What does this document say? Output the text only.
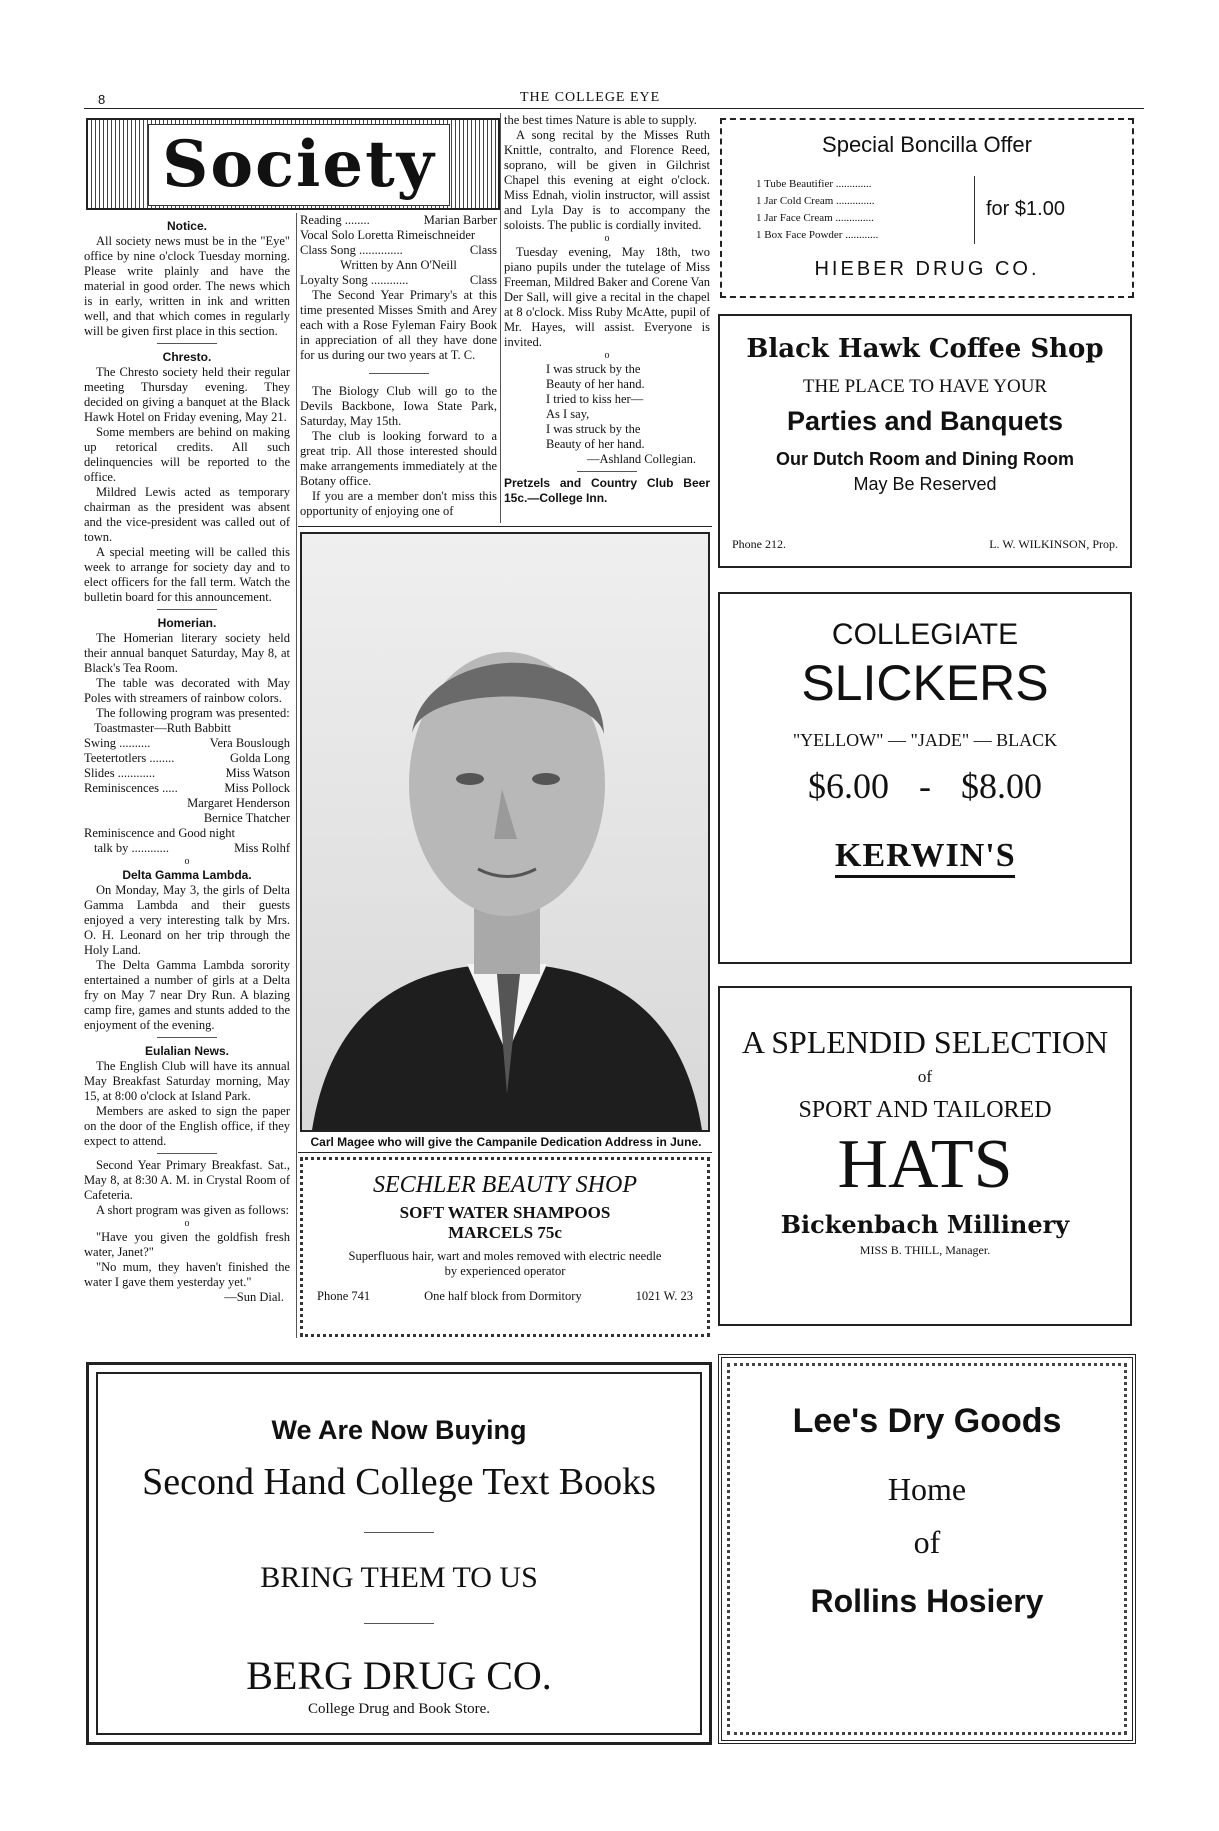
8	THE COLLEGE EYE
Society
Notice.

All society news must be in the "Eye" office by nine o'clock Tuesday morning. Please write plainly and have the material in good order. The news which is in early, written in ink and written well, and that which comes in regularly will be given first place in this section.

Chresto.

The Chresto society held their regular meeting Thursday evening. They decided on giving a banquet at the Black Hawk Hotel on Friday evening, May 21.

Some members are behind on making up retorical credits. All such delinquencies will be reported to the office.

Mildred Lewis acted as temporary chairman as the president was absent and the vice-president was called out of town.

A special meeting will be called this week to arrange for society day and to elect officers for the fall term. Watch the bulletin board for this announcement.

Homerian.

The Homerian literary society held their annual banquet Saturday, May 8, at Black's Tea Room.

The table was decorated with May Poles with streamers of rainbow colors.

The following program was presented:

Toastmaster—Ruth Babbitt
Swing ..........	Vera Bouslough
Teetertotlers ........	Golda Long
Slides ............	Miss Watson
Reminiscences .....	Miss Pollock
Margaret Henderson
Bernice Thatcher
Reminiscence and Good night
talk by ............	Miss Rolhf
o
Delta Gamma Lambda.

On Monday, May 3, the girls of Delta Gamma Lambda and their guests enjoyed a very interesting talk by Mrs. O. H. Leonard on her trip through the Holy Land.

The Delta Gamma Lambda sorority entertained a number of girls at a Delta fry on May 7 near Dry Run. A blazing camp fire, games and stunts added to the enjoyment of the evening.

Eulalian News.

The English Club will have its annual May Breakfast Saturday morning, May 15, at 8:00 o'clock at Island Park.

Members are asked to sign the paper on the door of the English office, if they expect to attend.

Second Year Primary Breakfast. Sat., May 8, at 8:30 A. M. in Crystal Room of Cafeteria.

A short program was given as follows:

o

"Have you given the goldfish fresh water, Janet?"

"No mum, they haven't finished the water I gave them yesterday yet."

—Sun Dial.
Reading ........	Marian Barber
Vocal Solo Loretta Rimeischneider
Class Song ..............	Class
Written by Ann O'Neill
Loyalty Song ............	Class

The Second Year Primary's at this time presented Misses Smith and Arey each with a Rose Fyleman Fairy Book in appreciation of all they have done for us during our two years at T. C.

The Biology Club will go to the Devils Backbone, Iowa State Park, Saturday, May 15th.

The club is looking forward to a great trip. All those interested should make arrangements immediately at the Botany office.

If you are a member don't miss this opportunity of enjoying one of

the best times Nature is able to supply.

A song recital by the Misses Ruth Knittle, contralto, and Florence Reed, soprano, will be given in Gilchrist Chapel this evening at eight o'clock. Miss Ednah, violin instructor, will assist and Lyla Day is to accompany the soloists. The public is cordially invited.

o

Tuesday evening, May 18th, two piano pupils under the tutelage of Miss Freeman, Mildred Baker and Corene Van Der Sall, will give a recital in the chapel at 8 o'clock. Miss Ruby McAtte, pupil of Mr. Hayes, will assist. Everyone is invited.

o
I was struck by the
Beauty of her hand.
I tried to kiss her—
As I say,
I was struck by the
Beauty of her hand.
—Ashland Collegian.
Pretzels and Country Club Beer 15c.—College Inn.
Carl Magee who will give the Campanile Dedication Address in June.
SECHLER BEAUTY SHOP
SOFT WATER SHAMPOOS
MARCELS 75c
Superfluous hair, wart and moles removed with electric needle
by experienced operator
Phone 741	One half block from Dormitory	1021 W. 23
Special Boncilla Offer
1 Tube Beautifier .............
1 Jar Cold Cream ..............
1 Jar Face Cream ..............
1 Box Face Powder ............
for $1.00
HIEBER DRUG CO.
Black Hawk Coffee Shop
THE PLACE TO HAVE YOUR
Parties and Banquets
Our Dutch Room and Dining Room
May Be Reserved
Phone 212.	L. W. WILKINSON, Prop.
COLLEGIATE
SLICKERS
"YELLOW" — "JADE" — BLACK
$6.00 - $8.00
KERWIN'S
A SPLENDID SELECTION
of
SPORT AND TAILORED
HATS
Bickenbach Millinery
MISS B. THILL, Manager.
We Are Now Buying
Second Hand College Text Books
BRING THEM TO US
BERG DRUG CO.
College Drug and Book Store.
Lee's Dry Goods
Home
of
Rollins Hosiery
